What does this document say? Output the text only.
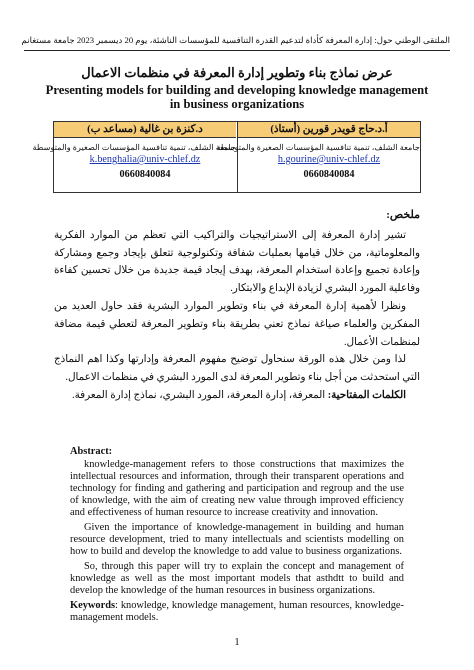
الملتقى الوطني حول: إدارة المعرفة كأداة لتدعيم القدرة التنافسية للمؤسسات الناشئة، يوم 20 ديسمبر 2023 جامعة مستغانم
عرض نماذج بناء وتطوير إدارة المعرفة في منظمات الاعمال
Presenting models for building and developing knowledge management in business organizations
أ.د.حاج قويدر قورين (أستاذ)
جامعة الشلف، تنمية تنافسية المؤسسات الصغيرة والمتوسطة
h.gourine@univ-chlef.dz
0660840084
د.كنزة بن غالية (مساعد ب)
جامعة الشلف، تنمية تنافسية المؤسسات الصغيرة والمتوسطة
k.benghalia@univ-chlef.dz
0660840084
ملخص:

تشير إدارة المعرفة إلى الاستراتيجيات والتراكيب التي تعظم من الموارد الفكرية والمعلوماتية، من خلال قيامها بعمليات شفافة وتكنولوجية تتعلق بإيجاد وجمع ومشاركة وإعادة تجميع وإعادة استخدام المعرفة، بهدف إيجاد قيمة جديدة من خلال تحسين كفاءة وفاعلية المورد البشري لزيادة الإبداع والابتكار.

ونظرا لأهمية إدارة المعرفة في بناء وتطوير الموارد البشرية فقد حاول العديد من المفكرين والعلماء صياغة نماذج تعني بطريقة بناء وتطوير المعرفة لتعطي قيمة مضافة لمنظمات الأعمال.

لذا ومن خلال هذه الورقة سنحاول توضيح مفهوم المعرفة وإدارتها وكذا اهم النماذج التي استحدثت من أجل بناء وتطوير المعرفة لدى المورد البشري في منظمات الاعمال.

الكلمات المفتاحية: المعرفة، إدارة المعرفة، المورد البشري، نماذج إدارة المعرفة.

Abstract:

knowledge-management refers to those constructions that maximizes the intellectual resources and information, through their transparent operations and technology for finding and gathering and participation and regroup and the use of knowledge, with the aim of creating new value through improved efficiency and effectiveness of human resource to increase creativity and innovation.

Given the importance of knowledge-management in building and human resource development, tried to many intellectuals and scientists modelling on how to build and develop the knowledge to add value to business organizations.

So, through this paper will try to explain the concept and management of knowledge as well as the most important models that asthdtt to build and develop the knowledge of the human resources in business organizations.

Keywords: knowledge, knowledge management, human resources, knowledge-management models.

1
